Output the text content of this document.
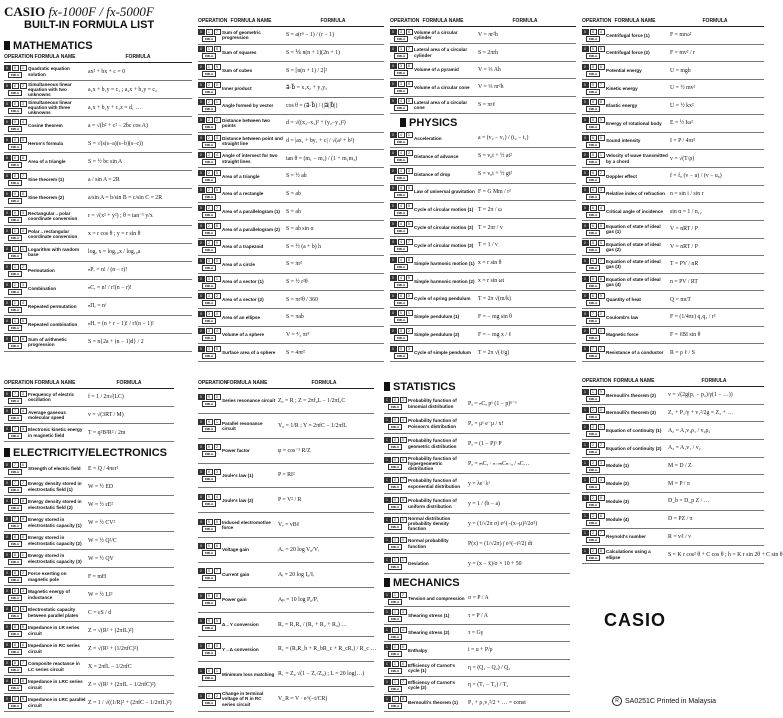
CASIO fx-1000F / fx-5000F
BUILT-IN FORMULA LIST
MATHEMATICS
PHYSICS
ELECTRICITY/ELECTRONICS
STATISTICS
MECHANICS
OPERATION FORMULA NAME	FORMULA
0	0	1
FMLA
Quadratic equation solution	ax² + bx + c = 0
0	0	2
FMLA
Simultaneous linear equation with two unknowns
a₁x + b₁y = c₁ ; a₂x + b₂y = c₂
0	0	3
FMLA
Simultaneous linear equation with three unknowns
a₁x + b₁y + c₁z = d₁ …
0	0	4
FMLA
Cosine theorem	a = √(b² + c² − 2bc cos A)
0	0	5
FMLA
Heron's formula	S = √(s(s−a)(s−b)(s−c))
0	0	6
FMLA
Area of a triangle	S = ½ bc sin A
0	0	7
FMLA
Sine theorem (1)	a / sin A = 2R
0	0	8
FMLA
Sine theorem (2)	a/sin A = b/sin B = c/sin C = 2R
0	0	9
FMLA
Rectangular→polar coordinate conversion	r = √(x² + y²) ; θ = tan⁻¹ y/x
0	1	0
FMLA
Polar→rectangular coordinate conversion	x = r cos θ ; y = r sin θ
0	1	1
FMLA
Logarithm with random base	logₐ x = log₁₀x / log₁₀a
0	1	2
FMLA
Permutation	ₙPᵣ = n! / (n − r)!
0	1	3
FMLA
Combination	ₙCᵣ = n! / r!(n − r)!
0	1	4
FMLA
Repeated permutation	ₙΠᵣ = nʳ
0	1	5
FMLA
Repeated combination	ₙHᵣ = (n + r − 1)! / r!(n − 1)!
0	1	6
FMLA
Sum of arithmetic progression	S = n{2a + (n − 1)d} / 2
OPERATION FORMULA NAME	FORMULA
0	1	7
FMLA
Sum of geometric progression	S = a(rⁿ − 1) / (r − 1)
0	1	8
FMLA
Sum of squares	S = ⅙ n(n + 1)(2n + 1)
0	1	9
FMLA
Sum of cubes	S = [n(n + 1) / 2]²
0	2	0
FMLA
Inner product	a⃗·b⃗ = x₁x₂ + y₁y₂
0	2	1
FMLA
Angle formed by vector	cos θ = (a⃗·b⃗) / (|a⃗||b⃗|)
0	2	2
FMLA
Distance between two points	d = √((x₂−x₁)² + (y₂−y₁)²)
0	2	3
FMLA
Distance between point and straight line	d = |ax₁ + by₁ + c| / √(a² + b²)
0	2	4
FMLA
Angle of intersect for two straight lines	tan θ = (m₁ − m₂) / (1 + m₁m₂)
0	2	5
FMLA
Area of a triangle	S = ½ ah
0	2	6
FMLA
Area of a rectangle	S = ab
0	2	7
FMLA
Area of a parallelogram (1)	S = ah
0	2	8
FMLA
Area of a parallelogram (2)	S = ab sin α
0	2	9
FMLA
Area of a trapezoid	S = ½ (a + b) h
0	3	0
FMLA
Area of a circle	S = πr²
0	3	1
FMLA
Area of a sector (1)	S = ½ r²θ
0	3	2
FMLA
Area of a sector (2)	S = πr²θ / 360
0	3	3
FMLA
Area of an ellipse	S = πab
0	3	4
FMLA
Volume of a sphere	V = ⁴⁄₃ πr³
0	3	5
FMLA
Surface area of a sphere	S = 4πr²
OPERATION FORMULA NAME	FORMULA
0	3	6
FMLA
Volume of a circular cylinder	V = πr²h
0	3	7
FMLA
Lateral area of a circular cylinder	S = 2πrh
0	3	8
FMLA
Volume of a pyramid	V = ⅓ Ah
0	3	9
FMLA
Volume of a circular cone	V = ⅓ πr²h
0	4	0
FMLA
Lateral area of a circular cone	S = πrℓ
0	4	1
FMLA
Acceleration	a = (v₂ − v₁) / (t₂ − t₁)
0	4	2
FMLA
Distance of advance	S = v₀t + ½ at²
0	4	3
FMLA
Distance of drop	S = v₀t + ½ gt²
0	4	4
FMLA
Law of universal gravitation F = G Mm / r²
0	4	5
FMLA
Cycle of circular motion (1) T = 2π / ω
0	4	6
FMLA
Cycle of circular motion (2) T = 2πr / v
0	4	7
FMLA
Cycle of circular motion (3) T = 1 / ν
0	4	8
FMLA
Simple harmonic motion (1) x = r sin θ
0	4	9
FMLA
Simple harmonic motion (2) x = r sin ωt
0	5	0
FMLA
Cycle of spring pendulum	T = 2π √(m/k)
0	5	1
FMLA
Simple pendulum (1)	F = − mg sin θ
0	5	2
FMLA
Simple pendulum (2)	F = − mg x / ℓ
0	5	3
FMLA
Cycle of simple pendulum	T = 2π √(ℓ/g)
OPERATION FORMULA NAME	FORMULA
0	5	4
FMLA
Centrifugal force (1)	F = mrω²
0	5	5
FMLA
Centrifugal force (2)	F = mv² / r
0	5	6
FMLA
Potential energy	U = mgh
0	5	7
FMLA
Kinetic energy	U = ½ mv²
0	5	8
FMLA
Elastic energy	U = ½ kx²
0	5	9
FMLA
Energy of rotational body	E = ½ Iω²
0	6	0
FMLA
Sound intensity	I = P / 4πr²
0	6	1
FMLA
Velocity of wave transmitted by a chord	v = √(T/ρ)
0	6	2
FMLA
Doppler effect	f = f₀ (v − u) / (v − u₀)
0	6	3
FMLA
Relative index of refraction n = sin i / sin r
0	6	4
FMLA
Critical angle of incidence	sin α = 1 / n₁₂
0	6	5
FMLA
Equation of state of ideal gas (1)	V = nRT / P
0	6	6
FMLA
Equation of state of ideal gas (2)	V = nRT / P
0	6	7
FMLA
Equation of state of ideal gas (3)	T = PV / nR
0	6	8
FMLA
Equation of state of ideal gas (4)	n = PV / RT
0	6	9
FMLA
Quantity of heat	Q = mcT
0	7	0
FMLA
Coulomb's law	F = (1/4πε) q₁q₂ / r²
0	7	1
FMLA
Magnetic force	F = ℓBI sin θ
0	7	2
FMLA
Resistance of a conductor	R = ρ ℓ / S
OPERATION FORMULA NAME	FORMULA
0	7	3
FMLA
Frequency of electric oscillation	f = 1 / 2π√(LC)
0	7	4
FMLA
Average gaseous molecular speed	v = √(3RT / M)
0	7	5
FMLA
Electronic kinetic energy in magnetic field	T = q²B²R² / 2m
0	7	6
FMLA
Strength of electric field	E = Q / 4πεr²
0	7	7
FMLA
Energy density stored in electrostatic field (1)	W = ½ ED
0	7	8
FMLA
Energy density stored in electrostatic field (2)	W = ½ εE²
0	7	9
FMLA
Energy stored in electrostatic capacity (1)	W = ½ CV²
0	8	0
FMLA
Energy stored in electrostatic capacity (2)	W = ½ Q²/C
0	8	1
FMLA
Energy stored in electrostatic capacity (3)	W = ½ QV
0	8	2
FMLA
Force exerting on magnetic pole	F = mH
0	8	3
FMLA
Magnetic energy of inductance	W = ½ LI²
0	8	4
FMLA
Electrostatic capacity between parallel plates	C = εS / d
0	8	5
FMLA
Impedance in LR series circuit	Z = √(R² + (2πfL)²)
0	8	6
FMLA
Impedance in RC series circuit	Z = √(R² + (1/2πfC)²)
0	8	7
FMLA
Composite reactance in LC series circuit	X = 2πfL − 1/2πfC
0	8	8
FMLA
Impedance in LRC series circuit	Z = √(R² + (2πfL − 1/2πfC)²)
0	8	9
FMLA
Impedance in LRC parallel circuit	Z = 1 / √((1/R)² + (2πfC − 1/2πfL)²)
OPERATION FORMULA NAME	FORMULA
0	9	0
FMLA
Series resonance circuit Z₀ = R ; Z = 2πf₀L − 1/2πf₀C
0	9	1
FMLA
Parallel resonance circuit	Y₀ = 1/R ; Y = 2πfC − 1/2πfL
0	9	2
FMLA
Power factor	φ = cos⁻¹ R/Z
0	9	3
FMLA
Joule's law (1)	P = RI²
0	9	4
FMLA
Joule's law (2)	P = V² / R
0	9	5
FMLA
Induced electromotive force	Vₑ = vBℓ
0	9	6
FMLA
Voltage gain	Aᵥ = 20 log V₀/Vᵢ
0	9	7
FMLA
Current gain	Aᵢ = 20 log I₀/Iᵢ
0	9	8
FMLA
Power gain	Aₚ = 10 log P₀/Pᵢ
0	9	9
FMLA
Δ→Y conversion	Rₐ = R₁R₂ / (R₁ + R₂ + R₃) …
1	0	0
FMLA
Y→Δ conversion	R₁ = (RₐR_b + R_bR_c + R_cRₐ) / R_c …
1	0	1
FMLA
Minimum loss matching R₁ = Z₀ √(1 − Z₁/Z₀) ; L = 20 log(…)
1	0	2
FMLA
Change in terminal voltage of R in RC series circuit
V_R = V · e^(−t/CR)
1	0	3
FMLA
Probability function of binomial distribution	Pₓ = ₙCₓ pˣ (1 − p)ⁿ⁻ˣ
1	0	4
FMLA
Probability function of Poisson's distribution	Pₓ = μˣ e⁻μ / x!
1	0	5
FMLA
Probability function of geometric distribution	Pₓ = (1 − P)ˣ P
1	0	6
FMLA
Probability function of hypergeometric distribution
Pₓ = ₘCₓ · ₙ₋ₘCₙ₋ₓ / ₙC…
1	0	7
FMLA
Probability function of exponential distribution	y = λe⁻λˣ
1	0	8
FMLA
Probability function of uniform distribution	y = 1 / (b − a)
1	0	9
FMLA
Normal distribution probability density function
y = (1/√2π σ) e^(−(x−μ)²/2σ²)
1	1	0
FMLA
Normal probability function	P(x) = (1/√2π) ∫ e^(−t²/2) dt
1	1	1
FMLA
Deviation	y = (x − x̄)/σ × 10 + 50
1	1	2
FMLA
Tension and compression σ = P / A
1	1	3
FMLA
Shearing stress (1)	τ = P / A
1	1	4
FMLA
Shearing stress (2)	τ = Gγ
1	1	5
FMLA
Enthalpy	i = u + P/ρ
1	1	6
FMLA
Efficiency of Carnot's cycle (1)	η = (Q₁ − Q₂) / Q₁
1	1	7
FMLA
Efficiency of Carnot's cycle (2)	η = (T₁ − T₂) / T₁
1	1	8
FMLA
Bernoulli's theorem (1)	P₁ + ρ₁v₁²/2 + … = const
OPERATION FORMULA NAME	FORMULA
1	1	9
FMLA
Bernoulli's theorem (2)	v = √(2g(p₁ − p₂)/γ(1 − …))
1	2	0
FMLA
Bernoulli's theorem (3)	Z₁ + P₁/γ + v₁²/2g = Z₂ + …
1	2	1
FMLA
Equation of continuity (1)	A₂ = A₁v₁ρ₁ / v₂ρ₂
1	2	2
FMLA
Equation of continuity (2)	A₂ = A₁v₁ / v₂
1	2	3
FMLA
Module (1)	M = D / Z
1	2	4
FMLA
Module (2)	M = P / π
1	2	5
FMLA
Module (3)	D_b = D_p Z / …
1	2	6
FMLA
Module (4)	D = PZ / π
1	2	7
FMLA
Reynold's number	R = vℓ / ν
1	2	8
FMLA
Calculations using a ellipse	S = K r cos² θ + C cos θ ; h = K r sin 2θ + C sin θ
CASIO
R SA0251C Printed in Malaysia
